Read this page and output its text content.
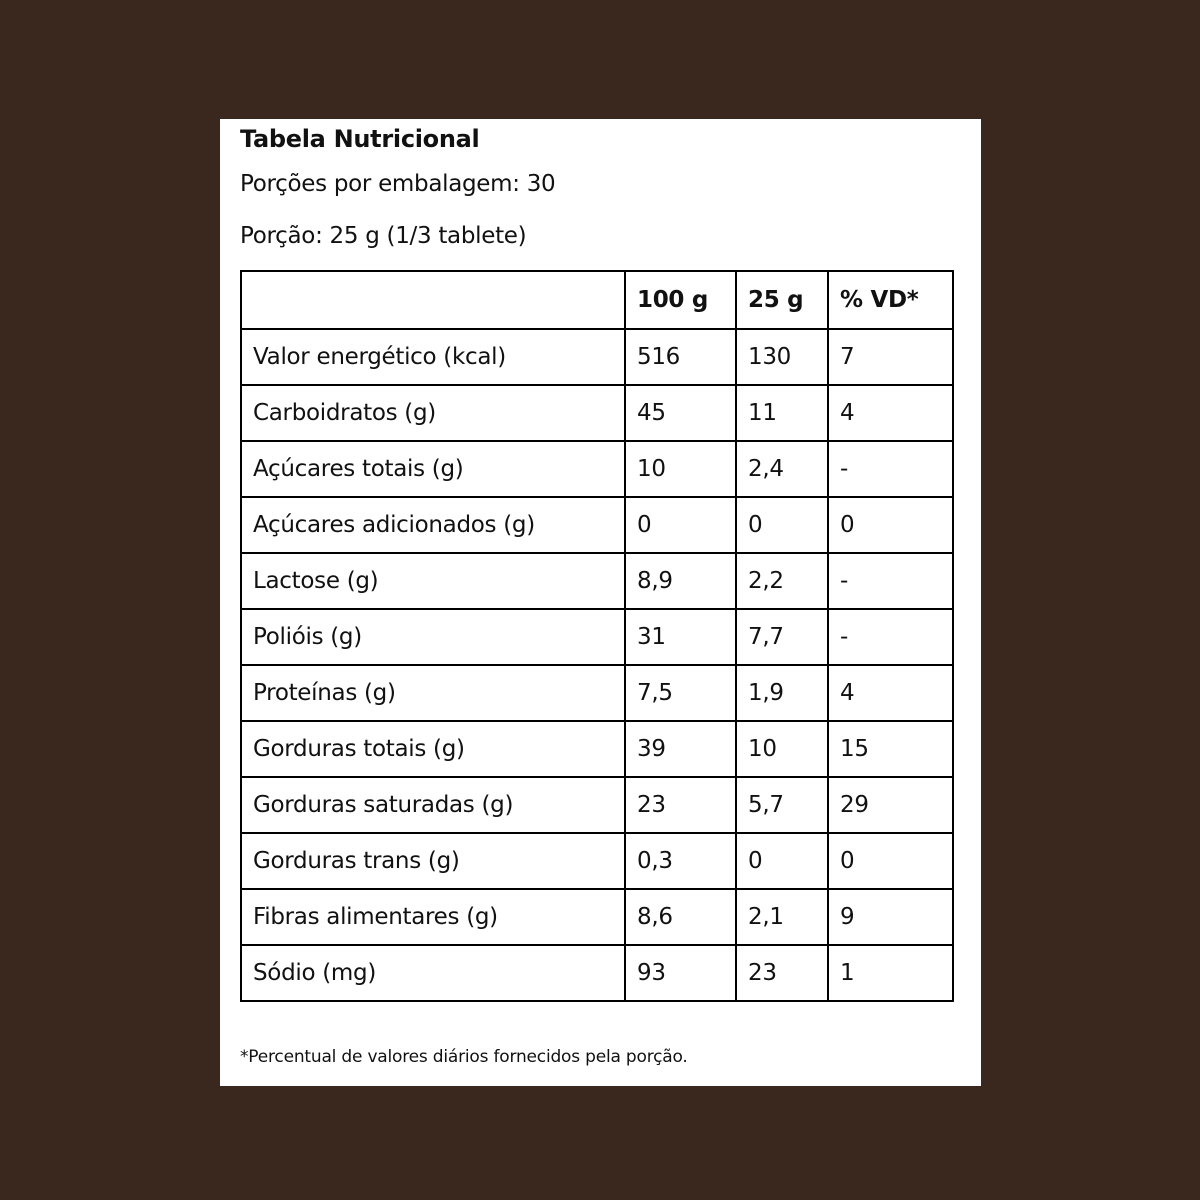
Tabela Nutricional
Porções por embalagem: 30
Porção: 25 g (1/3 tablete)
	100 g	25 g	% VD*
Valor energético (kcal)	516	130	7
Carboidratos (g)	45	11	4
Açúcares totais (g)	10	2,4	-
Açúcares adicionados (g)	0	0	0
Lactose (g)	8,9	2,2	-
Polióis (g)	31	7,7	-
Proteínas (g)	7,5	1,9	4
Gorduras totais (g)	39	10	15
Gorduras saturadas (g)	23	5,7	29
Gorduras trans (g)	0,3	0	0
Fibras alimentares (g)	8,6	2,1	9
Sódio (mg)	93	23	1
*Percentual de valores diários fornecidos pela porção.
